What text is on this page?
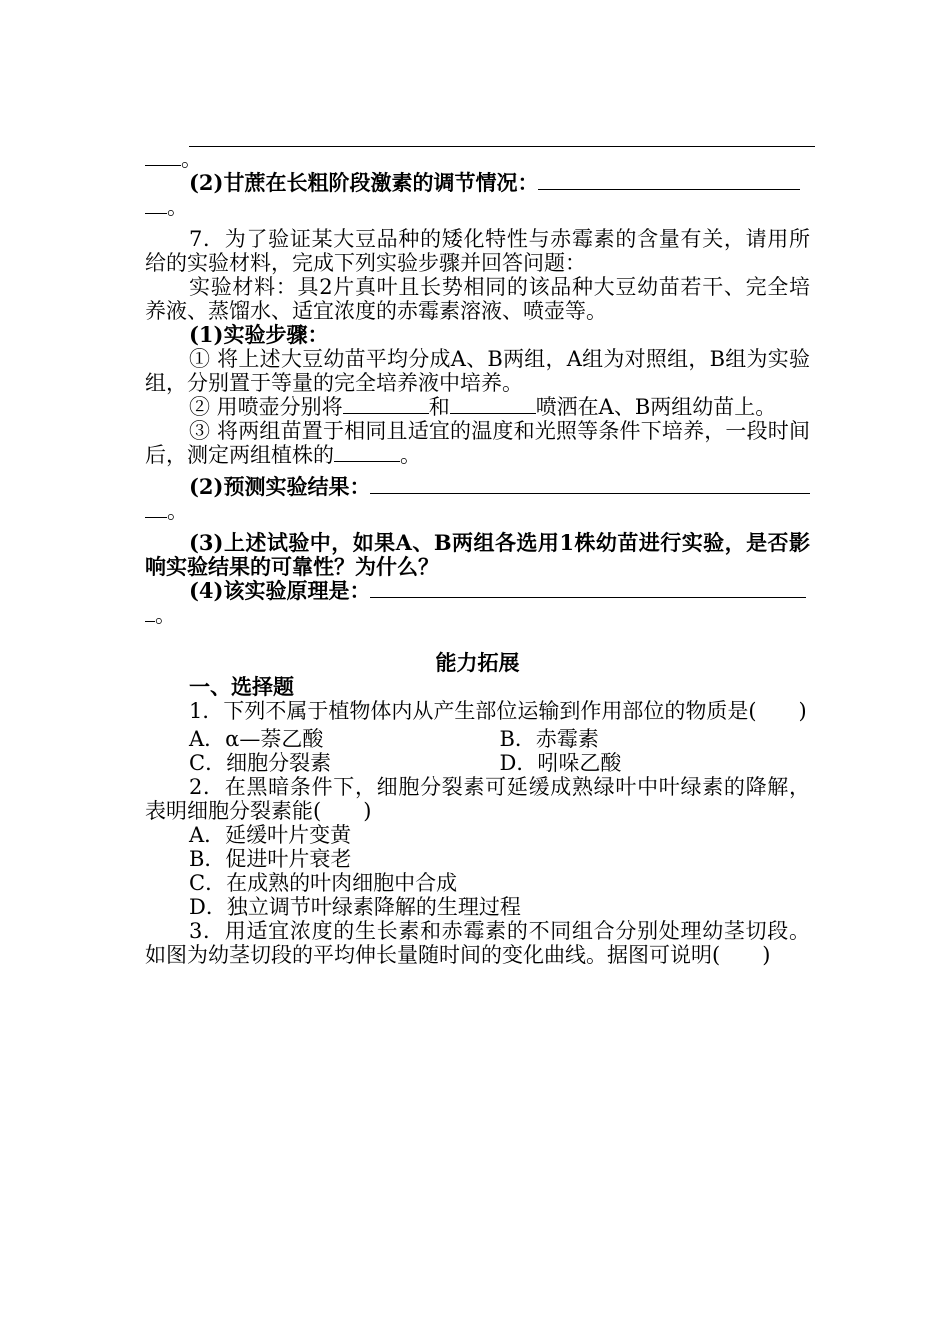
。

(2)甘蔗在长粗阶段激素的调节情况：

。

7．为了验证某大豆品种的矮化特性与赤霉素的含量有关，请用所给的实验材料，完成下列实验步骤并回答问题：

实验材料：具2片真叶且长势相同的该品种大豆幼苗若干、完全培养液、蒸馏水、适宜浓度的赤霉素溶液、喷壶等。

(1)实验步骤：

① 将上述大豆幼苗平均分成A、B两组，A组为对照组，B组为实验组，分别置于等量的完全培养液中培养。

② 用喷壶分别将	和	喷洒在A、B两组幼苗上。

③ 将两组苗置于相同且适宜的温度和光照等条件下培养，一段时间后，测定两组植株的	。

(2)预测实验结果：

。

(3)上述试验中，如果A、B两组各选用1株幼苗进行实验，是否影响实验结果的可靠性？为什么？

(4)该实验原理是：

。

能力拓展

一、选择题

1．下列不属于植物体内从产生部位运输到作用部位的物质是(　　)

A．α—萘乙酸	B．赤霉素
C．细胞分裂素	D．吲哚乙酸

2．在黑暗条件下，细胞分裂素可延缓成熟绿叶中叶绿素的降解，表明细胞分裂素能(　　)

A．延缓叶片变黄

B．促进叶片衰老

C．在成熟的叶肉细胞中合成

D．独立调节叶绿素降解的生理过程

3．用适宜浓度的生长素和赤霉素的不同组合分别处理幼茎切段。如图为幼茎切段的平均伸长量随时间的变化曲线。据图可说明(　　)
